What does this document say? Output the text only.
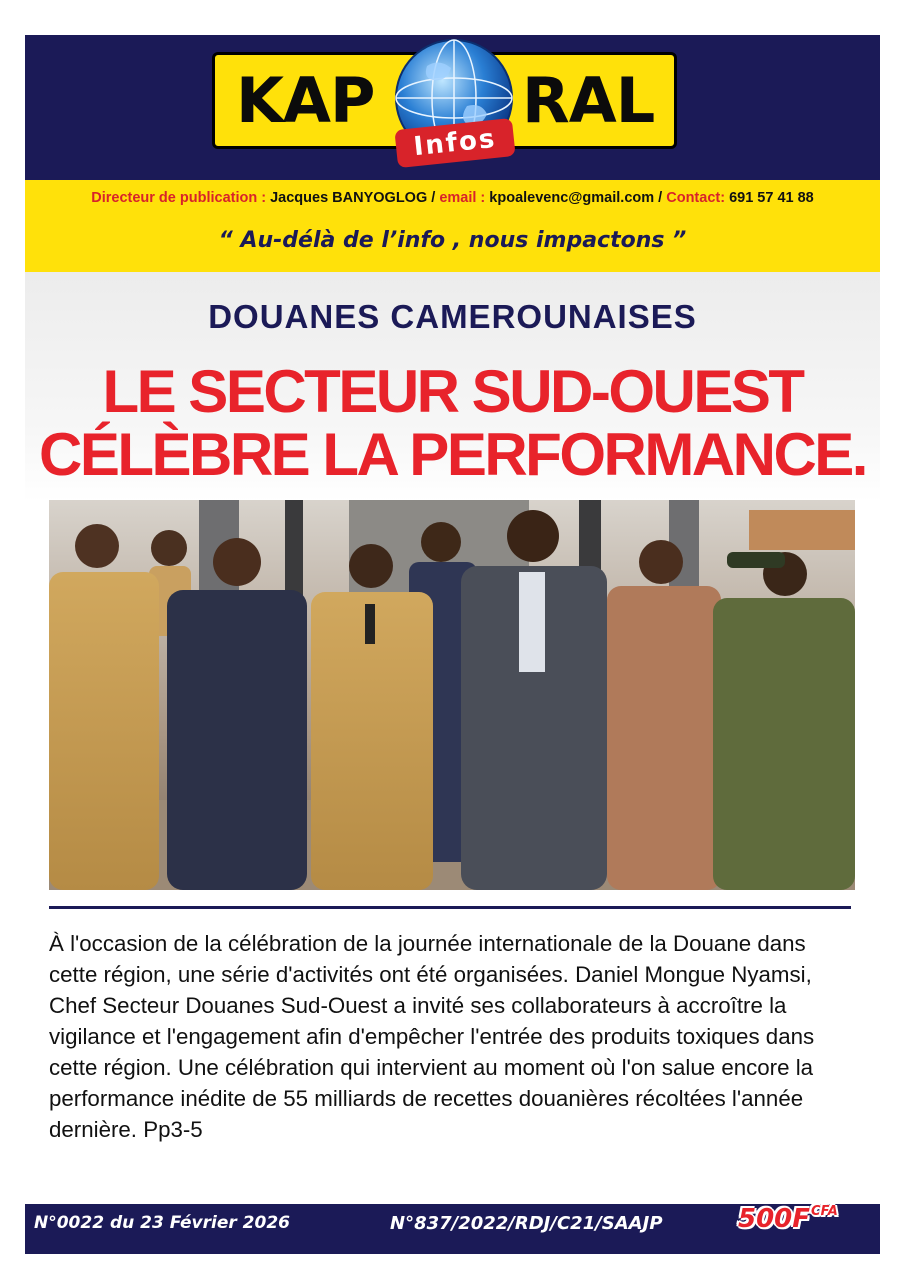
KAP RAL
Infos
Directeur de publication : Jacques BANYOGLOG / email : kpoalevenc@gmail.com / Contact: 691 57 41 88
“ Au-délà de l’info , nous impactons ”
DOUANES CAMEROUNAISES
LE SECTEUR SUD-OUEST
CÉLÈBRE LA PERFORMANCE.
À l'occasion de la célébration de la journée internationale de la Douane dans cette région, une série d'activités ont été organisées. Daniel Mongue Nyamsi, Chef Secteur Douanes Sud-Ouest a invité ses collaborateurs à accroître la vigilance et l'engagement afin d'empêcher l'entrée des produits toxiques dans cette région. Une célébration qui intervient au moment où l'on salue encore la performance inédite de 55 milliards de recettes douanières récoltées l'année dernière. Pp3-5
N°0022 du 23 Février 2026	N°837/2022/RDJ/C21/SAAJP	$500F^{CFA}$
